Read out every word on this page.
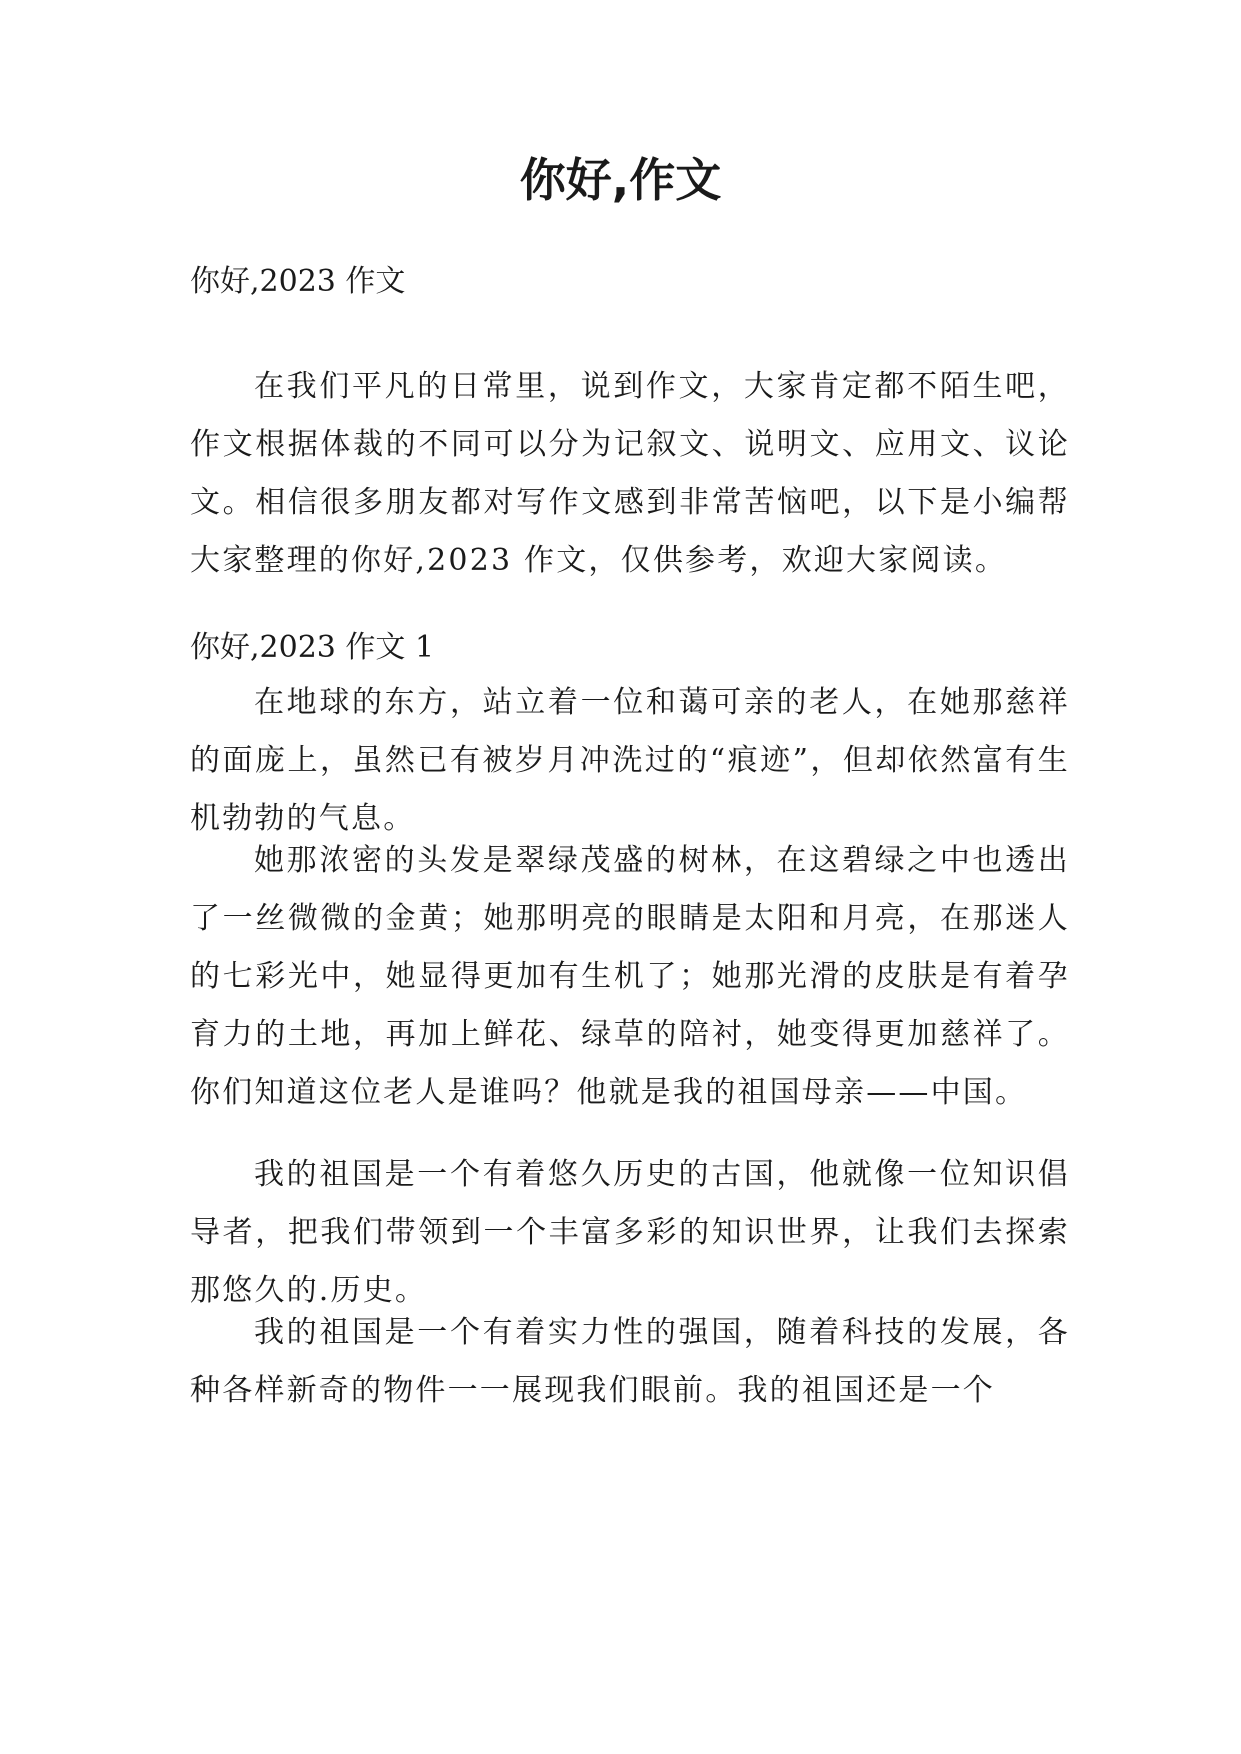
你好,作文

你好,2023 作文

在我们平凡的日常里，说到作文，大家肯定都不陌生吧，作文根据体裁的不同可以分为记叙文、说明文、应用文、议论文。相信很多朋友都对写作文感到非常苦恼吧，以下是小编帮大家整理的你好,2023 作文，仅供参考，欢迎大家阅读。

你好,2023 作文 1

在地球的东方，站立着一位和蔼可亲的老人，在她那慈祥的面庞上，虽然已有被岁月冲洗过的“痕迹”，但却依然富有生机勃勃的气息。

她那浓密的头发是翠绿茂盛的树林，在这碧绿之中也透出了一丝微微的金黄；她那明亮的眼睛是太阳和月亮，在那迷人的七彩光中，她显得更加有生机了；她那光滑的皮肤是有着孕育力的土地，再加上鲜花、绿草的陪衬，她变得更加慈祥了。你们知道这位老人是谁吗？他就是我的祖国母亲——中国。

我的祖国是一个有着悠久历史的古国，他就像一位知识倡导者，把我们带领到一个丰富多彩的知识世界，让我们去探索那悠久的.历史。

我的祖国是一个有着实力性的强国，随着科技的发展，各种各样新奇的物件一一展现我们眼前。我的祖国还是一个
